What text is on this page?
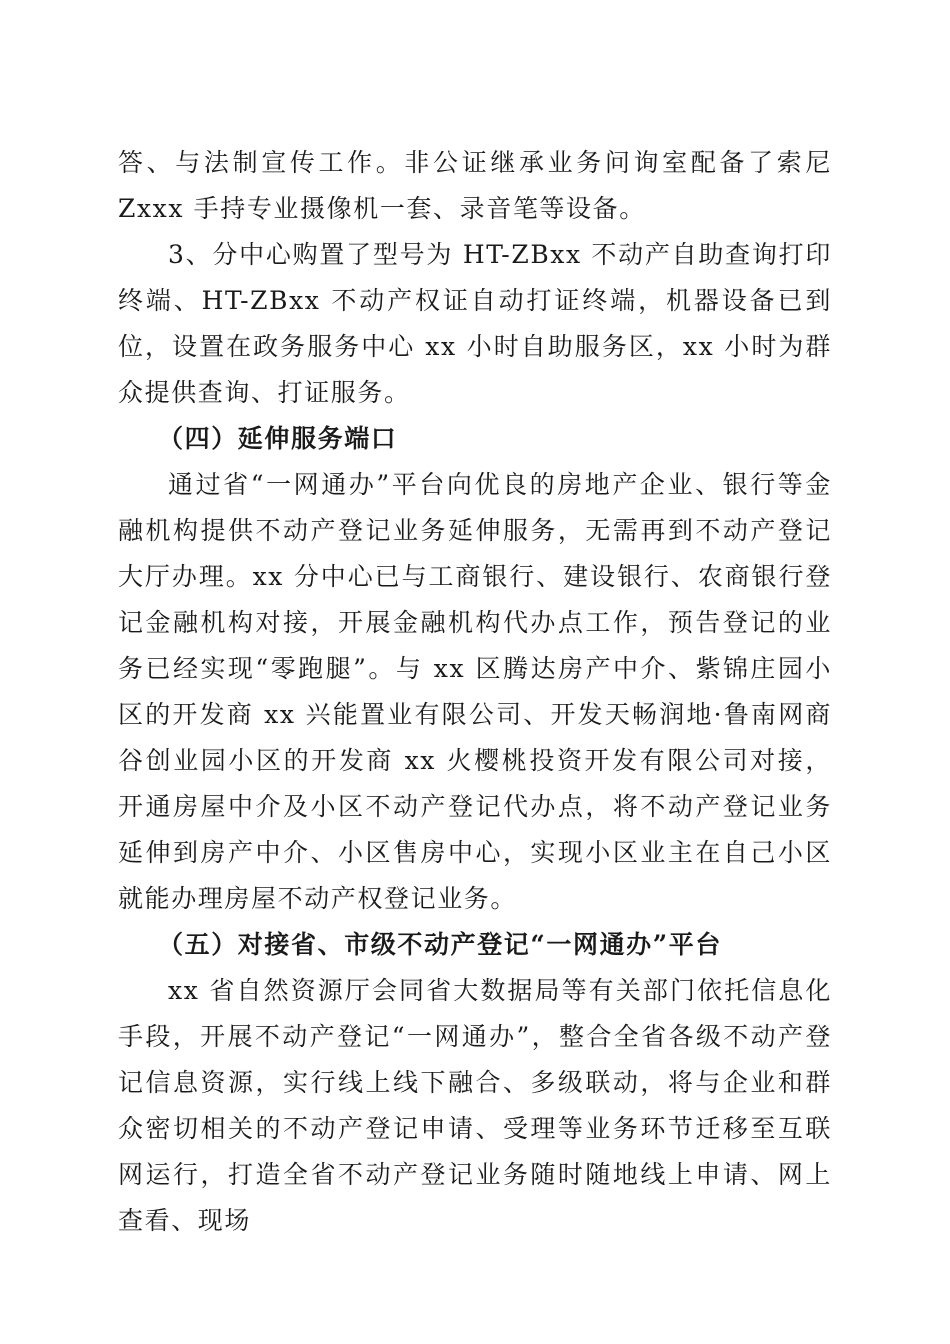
答、与法制宣传工作。非公证继承业务问询室配备了索尼 Zxxx 手持专业摄像机一套、录音笔等设备。

3、分中心购置了型号为 HT-ZBxx 不动产自助查询打印终端、HT-ZBxx 不动产权证自动打证终端，机器设备已到位，设置在政务服务中心 xx 小时自助服务区，xx 小时为群众提供查询、打证服务。

（四）延伸服务端口

通过省“一网通办”平台向优良的房地产企业、银行等金融机构提供不动产登记业务延伸服务，无需再到不动产登记大厅办理。xx 分中心已与工商银行、建设银行、农商银行登记金融机构对接，开展金融机构代办点工作，预告登记的业务已经实现“零跑腿”。与 xx 区腾达房产中介、紫锦庄园小区的开发商 xx 兴能置业有限公司、开发天畅润地·鲁南网商谷创业园小区的开发商 xx 火樱桃投资开发有限公司对接，开通房屋中介及小区不动产登记代办点，将不动产登记业务延伸到房产中介、小区售房中心，实现小区业主在自己小区就能办理房屋不动产权登记业务。

（五）对接省、市级不动产登记“一网通办”平台

xx 省自然资源厅会同省大数据局等有关部门依托信息化手段，开展不动产登记“一网通办”，整合全省各级不动产登记信息资源，实行线上线下融合、多级联动，将与企业和群众密切相关的不动产登记申请、受理等业务环节迁移至互联网运行，打造全省不动产登记业务随时随地线上申请、网上查看、现场
